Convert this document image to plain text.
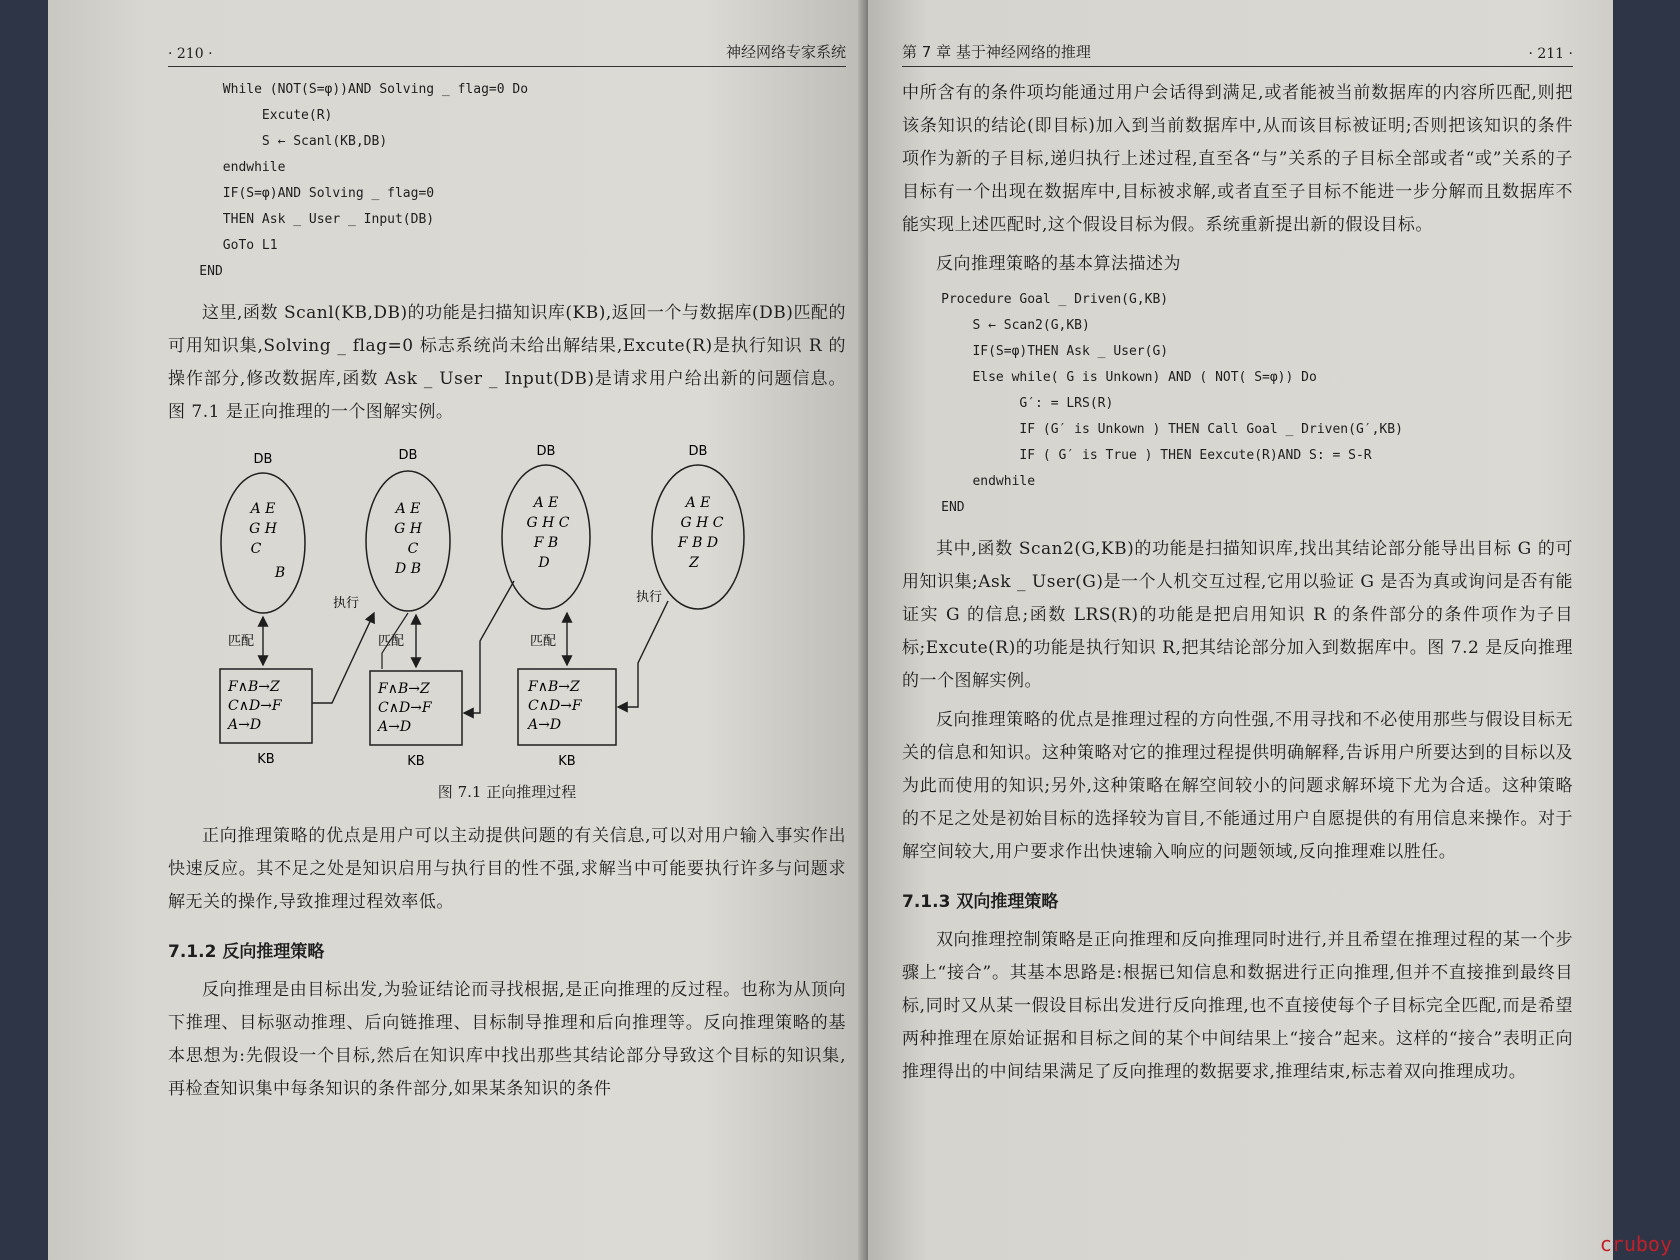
· 210 ·	神经网络专家系统
While (NOT(S=φ))AND Solving _ flag=0 Do
Excute(R)
S ← Scanl(KB,DB)
endwhile
IF(S=φ)AND Solving _ flag=0
THEN Ask _ User _ Input(DB)
GoTo L1
END

这里,函数 Scanl(KB,DB)的功能是扫描知识库(KB),返回一个与数据库(DB)匹配的可用知识集,Solving _ flag=0 标志系统尚未给出解结果,Excute(R)是执行知识 R 的操作部分,修改数据库,函数 Ask _ User _ Input(DB)是请求用户给出新的问题信息。图 7.1 是正向推理的一个图解实例。

DB	DB	DB	DB
A E
G H
C
B
A E
G H
C
D B
A E
G H C
F B
D
A E
G H C
F B D
Z
F∧B→Z
C∧D→F
A→D
F∧B→Z
C∧D→F
A→D
F∧B→Z
C∧D→F
A→D
KB	KB	KB
匹配	匹配	匹配
执行	执行
图 7.1 正向推理过程

正向推理策略的优点是用户可以主动提供问题的有关信息,可以对用户输入事实作出快速反应。其不足之处是知识启用与执行目的性不强,求解当中可能要执行许多与问题求解无关的操作,导致推理过程效率低。

7.1.2 反向推理策略

反向推理是由目标出发,为验证结论而寻找根据,是正向推理的反过程。也称为从顶向下推理、目标驱动推理、后向链推理、目标制导推理和后向推理等。反向推理策略的基本思想为:先假设一个目标,然后在知识库中找出那些其结论部分导致这个目标的知识集,再检查知识集中每条知识的条件部分,如果某条知识的条件

第 7 章 基于神经网络的推理	· 211 ·

中所含有的条件项均能通过用户会话得到满足,或者能被当前数据库的内容所匹配,则把该条知识的结论(即目标)加入到当前数据库中,从而该目标被证明;否则把该知识的条件项作为新的子目标,递归执行上述过程,直至各“与”关系的子目标全部或者“或”关系的子目标有一个出现在数据库中,目标被求解,或者直至子目标不能进一步分解而且数据库不能实现上述匹配时,这个假设目标为假。系统重新提出新的假设目标。

反向推理策略的基本算法描述为

Procedure Goal _ Driven(G,KB)
S ← Scan2(G,KB)
IF(S=φ)THEN Ask _ User(G)
Else while( G is Unkown) AND ( NOT( S=φ)) Do
G′: = LRS(R)
IF (G′ is Unkown ) THEN Call Goal _ Driven(G′,KB)
IF ( G′ is True ) THEN Eexcute(R)AND S: = S-R
endwhile
END

其中,函数 Scan2(G,KB)的功能是扫描知识库,找出其结论部分能导出目标 G 的可用知识集;Ask _ User(G)是一个人机交互过程,它用以验证 G 是否为真或询问是否有能证实 G 的信息;函数 LRS(R)的功能是把启用知识 R 的条件部分的条件项作为子目标;Excute(R)的功能是执行知识 R,把其结论部分加入到数据库中。图 7.2 是反向推理的一个图解实例。

反向推理策略的优点是推理过程的方向性强,不用寻找和不必使用那些与假设目标无关的信息和知识。这种策略对它的推理过程提供明确解释,告诉用户所要达到的目标以及为此而使用的知识;另外,这种策略在解空间较小的问题求解环境下尤为合适。这种策略的不足之处是初始目标的选择较为盲目,不能通过用户自愿提供的有用信息来操作。对于解空间较大,用户要求作出快速输入响应的问题领域,反向推理难以胜任。

7.1.3 双向推理策略

双向推理控制策略是正向推理和反向推理同时进行,并且希望在推理过程的某一个步骤上“接合”。其基本思路是:根据已知信息和数据进行正向推理,但并不直接推到最终目标,同时又从某一假设目标出发进行反向推理,也不直接使每个子目标完全匹配,而是希望两种推理在原始证据和目标之间的某个中间结果上“接合”起来。这样的“接合”表明正向推理得出的中间结果满足了反向推理的数据要求,推理结束,标志着双向推理成功。

cruboy
